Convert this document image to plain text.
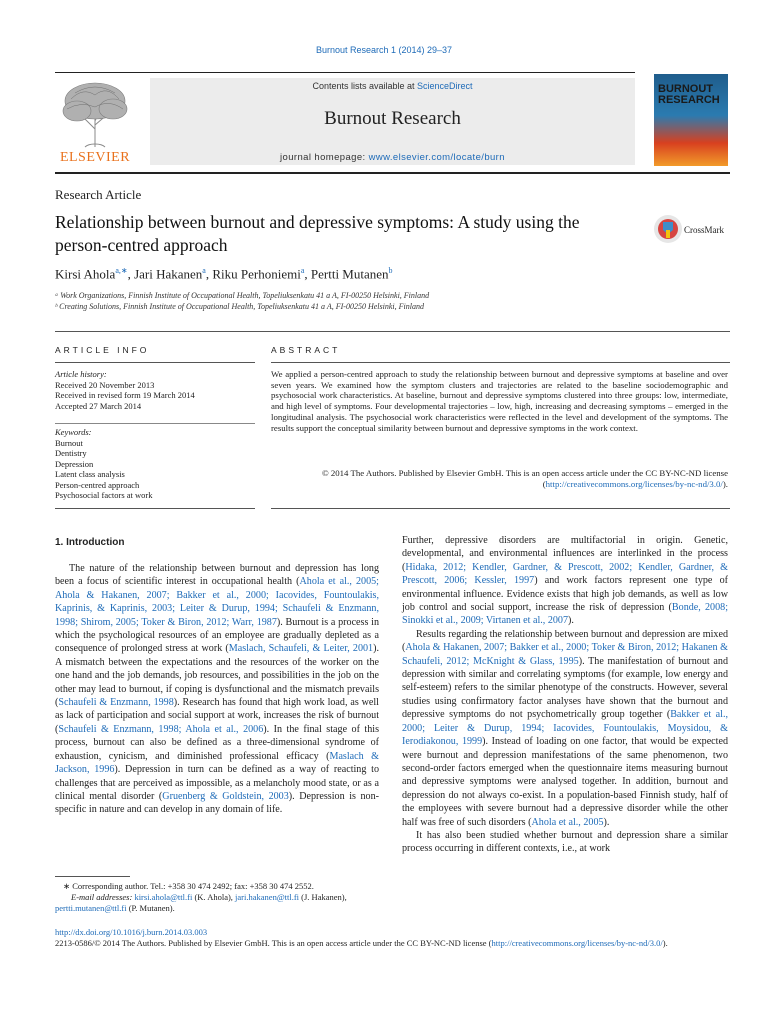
Burnout Research 1 (2014) 29–37
ELSEVIER
Contents lists available at ScienceDirect
Burnout Research
journal homepage: www.elsevier.com/locate/burn
BURNOUT RESEARCH
Research Article
Relationship between burnout and depressive symptoms: A study using the person-centred approach
CrossMark
Kirsi Ahola$^{a,∗}$, Jari Hakanen$^a$, Riku Perhoniemi$^a$, Pertti Mutanen$^b$
ᵃ Work Organizations, Finnish Institute of Occupational Health, Topeliuksenkatu 41 a A, FI-00250 Helsinki, Finland
ᵇ Creating Solutions, Finnish Institute of Occupational Health, Topeliuksenkatu 41 a A, FI-00250 Helsinki, Finland
ARTICLE INFO	ABSTRACT
Article history:
Received 20 November 2013
Received in revised form 19 March 2014
Accepted 27 March 2014
Keywords:
Burnout
Dentistry
Depression
Latent class analysis
Person-centred approach
Psychosocial factors at work
We applied a person-centred approach to study the relationship between burnout and depressive symptoms at baseline and over seven years. We examined how the symptom clusters and trajectories are related to the baseline sociodemographic and psychosocial work characteristics. At baseline, burnout and depressive symptoms clustered into three groups: low, intermediate, and high level of symptoms. Four developmental trajectories – low, high, increasing and decreasing symptoms – emerged in the longitudinal analysis. The psychosocial work characteristics were reflected in the level and development of the symptoms. The results support the conceptual similarity between burnout and depressive symptoms in the work context.
© 2014 The Authors. Published by Elsevier GmbH. This is an open access article under the CC BY-NC-ND license (http://creativecommons.org/licenses/by-nc-nd/3.0/).
1. Introduction

The nature of the relationship between burnout and depression has long been a focus of scientific interest in occupational health (Ahola et al., 2005; Ahola & Hakanen, 2007; Bakker et al., 2000; Iacovides, Fountoulakis, Kaprinis, & Kaprinis, 2003; Leiter & Durup, 1994; Schaufeli & Enzmann, 1998; Shirom, 2005; Toker & Biron, 2012; Warr, 1987). Burnout is a process in which the psychological resources of an employee are gradually depleted as a consequence of prolonged stress at work (Maslach, Schaufeli, & Leiter, 2001). A mismatch between the expectations and the resources of the worker on the one hand and the job demands, job resources, and possibilities in the job on the other may lead to burnout, if coping is dysfunctional and the mismatch prevails (Schaufeli & Enzmann, 1998). Research has found that high work load, as well as lack of participation and social support at work, increases the risk of burnout (Schaufeli & Enzmann, 1998; Ahola et al., 2006). In the final stage of this process, burnout can also be defined as a three-dimensional syndrome of exhaustion, cynicism, and diminished professional efficacy (Maslach & Jackson, 1996). Depression in turn can be defined as a way of reacting to challenges that are perceived as impossible, as a melancholy mood state, or as a clinical mental disorder (Gruenberg & Goldstein, 2003). Depression is non-specific in nature and can develop in any domain of life.

Further, depressive disorders are multifactorial in origin. Genetic, developmental, and environmental influences are interlinked in the process (Hidaka, 2012; Kendler, Gardner, & Prescott, 2002; Kendler, Gardner, & Prescott, 2006; Kessler, 1997) and work factors represent one type of environmental influence. Evidence exists that high job demands, as well as low job control and social support, increase the risk of depression (Bonde, 2008; Sinokki et al., 2009; Virtanen et al., 2007).

Results regarding the relationship between burnout and depression are mixed (Ahola & Hakanen, 2007; Bakker et al., 2000; Toker & Biron, 2012; Hakanen & Schaufeli, 2012; McKnight & Glass, 1995). The manifestation of burnout and depression with similar and correlating symptoms (for example, low energy and self-esteem) refers to the similar phenotype of the constructs. However, several studies using confirmatory factor analyses have shown that the burnout and depressive symptoms do not psychometrically group together (Bakker et al., 2000; Leiter & Durup, 1994; Iacovides, Fountoulakis, Moysidou, & Ierodiakonou, 1999). Instead of loading on one factor, that would be expected were burnout and depression manifestations of the same phenomenon, two second-order factors emerged when the questionnaire items measuring burnout and depressive symptoms were analysed together. In addition, burnout and depression do not always co-exist. In a population-based Finnish study, half of the employees with severe burnout had a depressive disorder while the other half was free of such disorders (Ahola et al., 2005).

It has also been studied whether burnout and depression share a similar process occurring in different contexts, i.e., at work

∗ Corresponding author. Tel.: +358 30 474 2492; fax: +358 30 474 2552.
E-mail addresses: kirsi.ahola@ttl.fi (K. Ahola), jari.hakanen@ttl.fi (J. Hakanen),
pertti.mutanen@ttl.fi (P. Mutanen).
http://dx.doi.org/10.1016/j.burn.2014.03.003
2213-0586/© 2014 The Authors. Published by Elsevier GmbH. This is an open access article under the CC BY-NC-ND license (http://creativecommons.org/licenses/by-nc-nd/3.0/).
